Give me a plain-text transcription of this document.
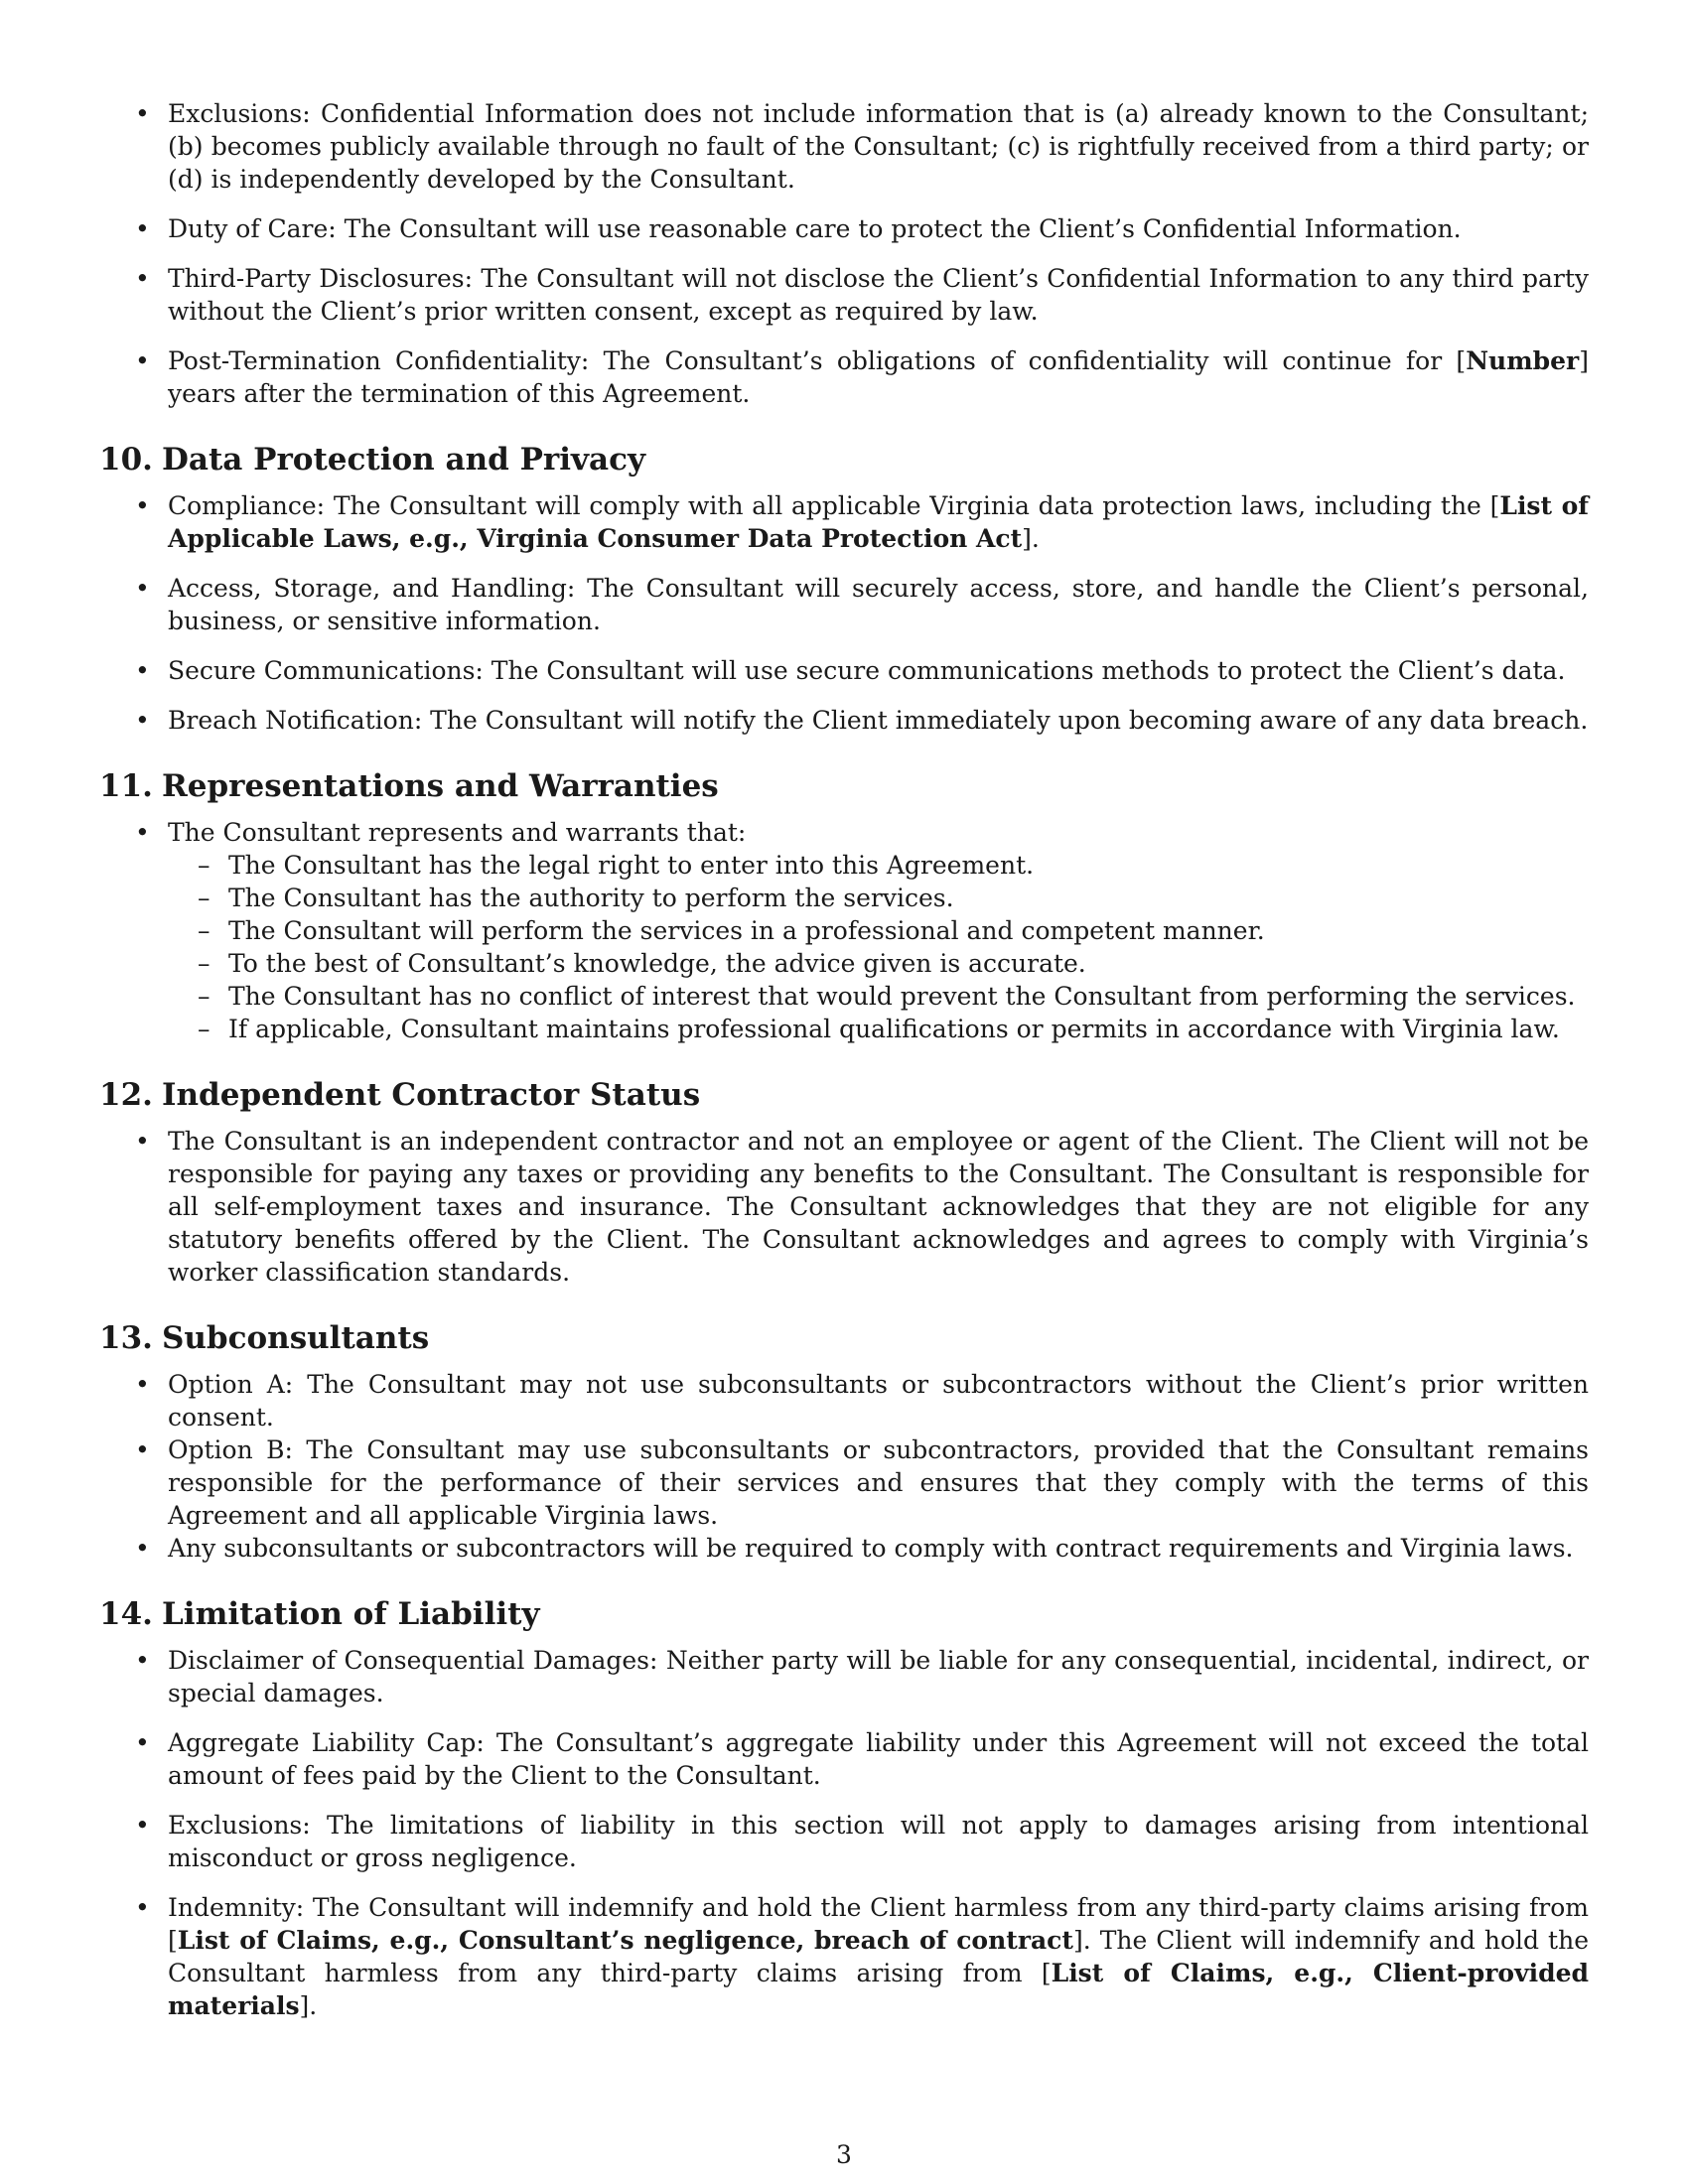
• Exclusions: Confidential Information does not include information that is (a) already known to the Consultant; (b) becomes publicly available through no fault of the Consultant; (c) is rightfully received from a third party; or (d) is independently developed by the Consultant.
• Duty of Care: The Consultant will use reasonable care to protect the Client’s Confidential Information.
• Third-Party Disclosures: The Consultant will not disclose the Client’s Confidential Information to any third party without the Client’s prior written consent, except as required by law.
• Post-Termination Confidentiality: The Consultant’s obligations of confidentiality will continue for [Number] years after the termination of this Agreement.
10. Data Protection and Privacy
• Compliance: The Consultant will comply with all applicable Virginia data protection laws, including the [List of Applicable Laws, e.g., Virginia Consumer Data Protection Act].
• Access, Storage, and Handling: The Consultant will securely access, store, and handle the Client’s personal, business, or sensitive information.
• Secure Communications: The Consultant will use secure communications methods to protect the Client’s data.
• Breach Notification: The Consultant will notify the Client immediately upon becoming aware of any data breach.
11. Representations and Warranties
• The Consultant represents and warrants that:
– The Consultant has the legal right to enter into this Agreement.
– The Consultant has the authority to perform the services.
– The Consultant will perform the services in a professional and competent manner.
– To the best of Consultant’s knowledge, the advice given is accurate.
– The Consultant has no conflict of interest that would prevent the Consultant from performing the services.
– If applicable, Consultant maintains professional qualifications or permits in accordance with Virginia law.
12. Independent Contractor Status
• The Consultant is an independent contractor and not an employee or agent of the Client. The Client will not be responsible for paying any taxes or providing any benefits to the Consultant. The Consultant is responsible for all self-employment taxes and insurance. The Consultant acknowledges that they are not eligible for any statutory benefits offered by the Client. The Consultant acknowledges and agrees to comply with Virginia’s worker classification standards.
13. Subconsultants
• Option A: The Consultant may not use subconsultants or subcontractors without the Client’s prior written consent.
• Option B: The Consultant may use subconsultants or subcontractors, provided that the Consultant remains responsible for the performance of their services and ensures that they comply with the terms of this Agreement and all applicable Virginia laws.
• Any subconsultants or subcontractors will be required to comply with contract requirements and Virginia laws.
14. Limitation of Liability
• Disclaimer of Consequential Damages: Neither party will be liable for any consequential, incidental, indirect, or special damages.
• Aggregate Liability Cap: The Consultant’s aggregate liability under this Agreement will not exceed the total amount of fees paid by the Client to the Consultant.
• Exclusions: The limitations of liability in this section will not apply to damages arising from intentional misconduct or gross negligence.
• Indemnity: The Consultant will indemnify and hold the Client harmless from any third-party claims arising from [List of Claims, e.g., Consultant’s negligence, breach of contract]. The Client will indemnify and hold the Consultant harmless from any third-party claims arising from [List of Claims, e.g., Client-provided materials].
3
